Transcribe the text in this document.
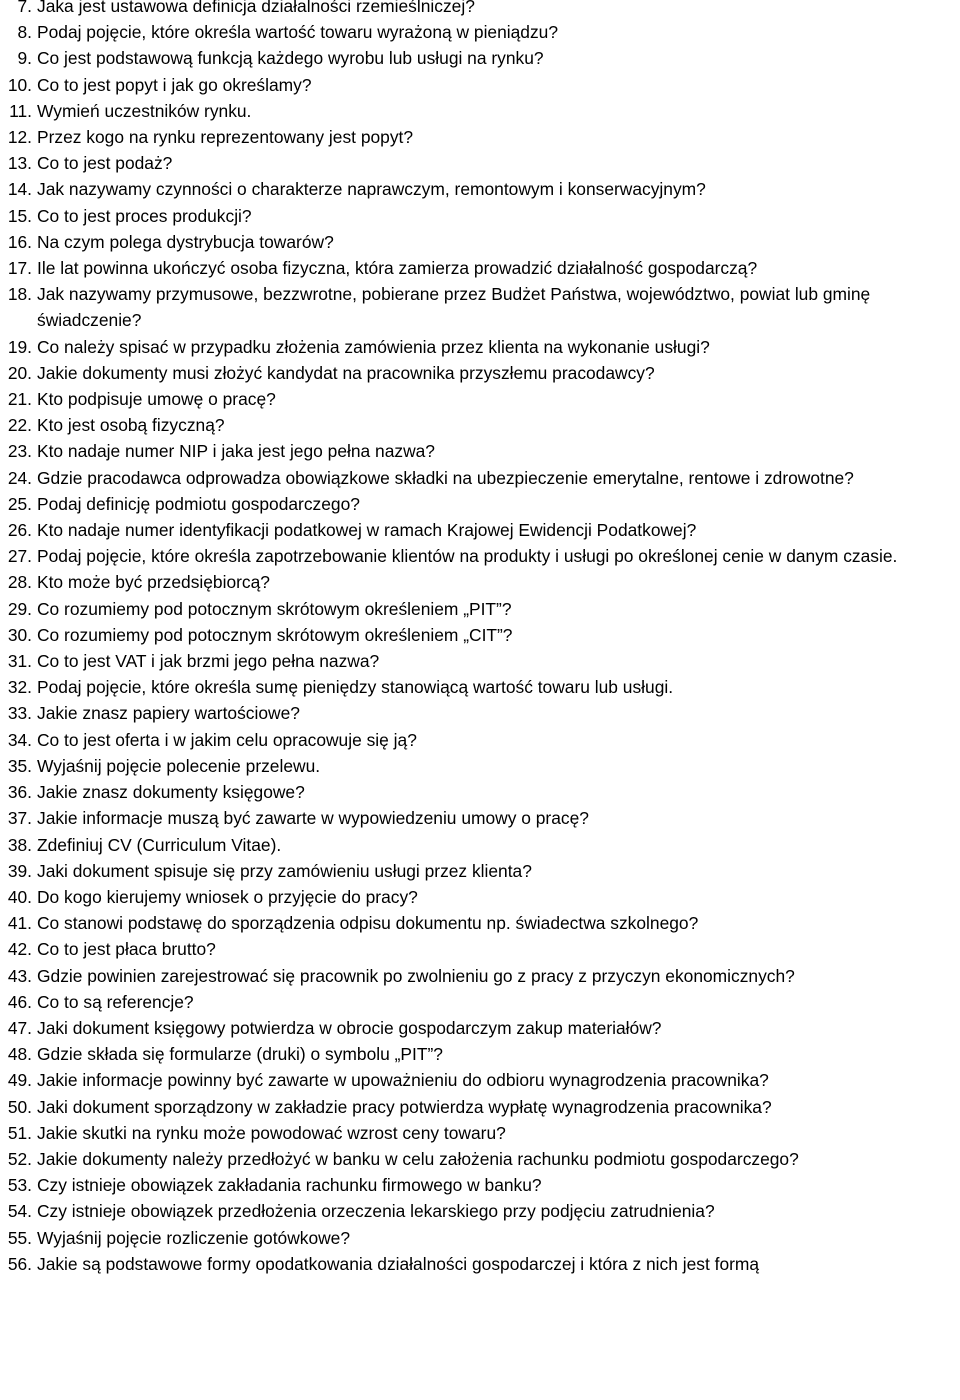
7. Jaka jest ustawowa definicja działalności rzemieślniczej?
8. Podaj pojęcie, które określa wartość towaru wyrażoną w pieniądzu?
9. Co jest podstawową funkcją każdego wyrobu lub usługi na rynku?
10. Co to jest popyt i jak go określamy?
11. Wymień uczestników rynku.
12. Przez kogo na rynku reprezentowany jest popyt?
13. Co to jest podaż?
14. Jak nazywamy czynności o charakterze naprawczym, remontowym i konserwacyjnym?
15. Co to jest proces produkcji?
16. Na czym polega dystrybucja towarów?
17. Ile lat powinna ukończyć osoba fizyczna, która zamierza prowadzić działalność gospodarczą?
18. Jak nazywamy przymusowe, bezzwrotne, pobierane przez Budżet Państwa, województwo, powiat lub gminę świadczenie?
19. Co należy spisać w przypadku złożenia zamówienia przez klienta na wykonanie usługi?
20. Jakie dokumenty musi złożyć kandydat na pracownika przyszłemu pracodawcy?
21. Kto podpisuje umowę o pracę?
22. Kto jest osobą fizyczną?
23. Kto nadaje numer NIP i jaka jest jego pełna nazwa?
24. Gdzie pracodawca odprowadza obowiązkowe składki na ubezpieczenie emerytalne, rentowe i zdrowotne?
25. Podaj definicję podmiotu gospodarczego?
26. Kto nadaje numer identyfikacji podatkowej w ramach Krajowej Ewidencji Podatkowej?
27. Podaj pojęcie, które określa zapotrzebowanie klientów na produkty i usługi po określonej cenie w danym czasie.
28. Kto może być przedsiębiorcą?
29. Co rozumiemy pod potocznym skrótowym określeniem „PIT”?
30. Co rozumiemy pod potocznym skrótowym określeniem „CIT”?
31. Co to jest VAT i jak brzmi jego pełna nazwa?
32. Podaj pojęcie, które określa sumę pieniędzy stanowiącą wartość towaru lub usługi.
33. Jakie znasz papiery wartościowe?
34. Co to jest oferta i w jakim celu opracowuje się ją?
35. Wyjaśnij pojęcie polecenie przelewu.
36. Jakie znasz dokumenty księgowe?
37. Jakie informacje muszą być zawarte w wypowiedzeniu umowy o pracę?
38. Zdefiniuj CV (Curriculum Vitae).
39. Jaki dokument spisuje się przy zamówieniu usługi przez klienta?
40. Do kogo kierujemy wniosek o przyjęcie do pracy?
41. Co stanowi podstawę do sporządzenia odpisu dokumentu np. świadectwa szkolnego?
42. Co to jest płaca brutto?
43. Gdzie powinien zarejestrować się pracownik po zwolnieniu go z pracy z przyczyn ekonomicznych?
46. Co to są referencje?
47. Jaki dokument księgowy potwierdza w obrocie gospodarczym zakup materiałów?
48. Gdzie składa się formularze (druki) o symbolu „PIT”?
49. Jakie informacje powinny być zawarte w upoważnieniu do odbioru wynagrodzenia pracownika?
50. Jaki dokument sporządzony w zakładzie pracy potwierdza wypłatę wynagrodzenia pracownika?
51. Jakie skutki na rynku może powodować wzrost ceny towaru?
52. Jakie dokumenty należy przedłożyć w banku w celu założenia rachunku podmiotu gospodarczego?
53. Czy istnieje obowiązek zakładania rachunku firmowego w banku?
54. Czy istnieje obowiązek przedłożenia orzeczenia lekarskiego przy podjęciu zatrudnienia?
55. Wyjaśnij pojęcie rozliczenie gotówkowe?
56. Jakie są podstawowe formy opodatkowania działalności gospodarczej i która z nich jest formą
